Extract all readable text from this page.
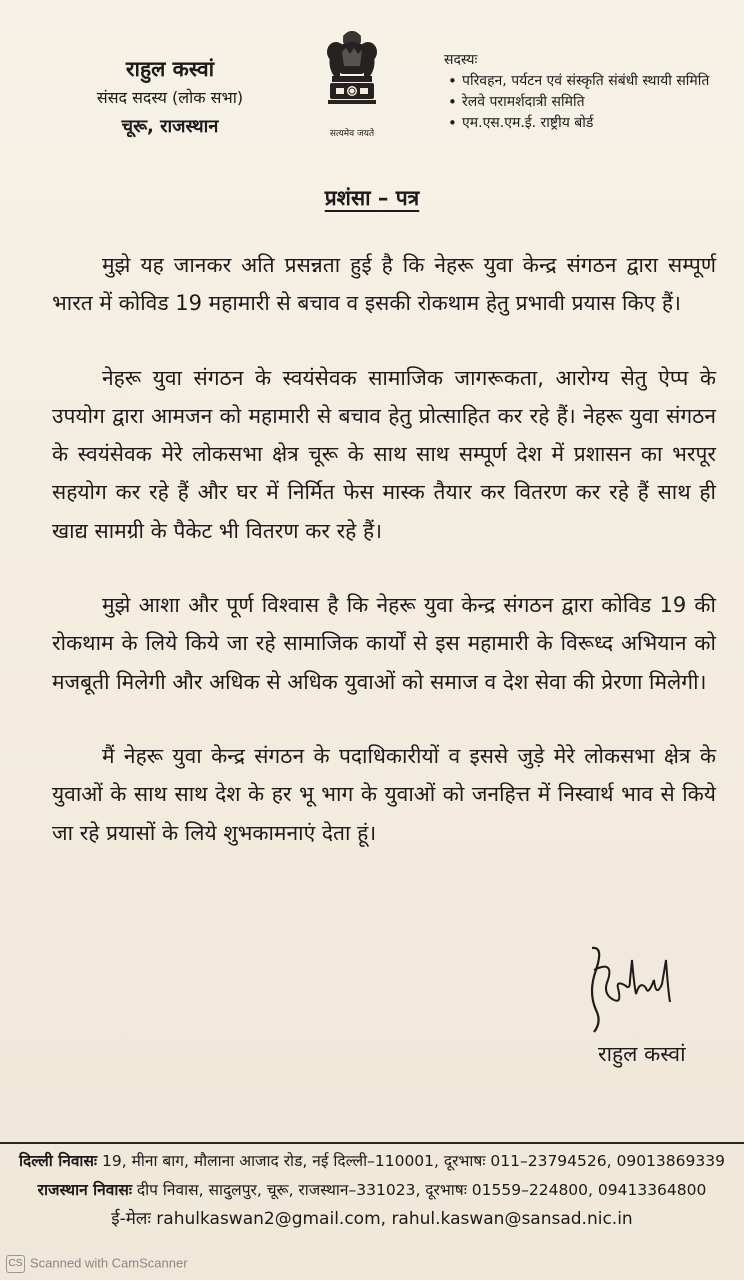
राहुल कस्वां
संसद सदस्य (लोक सभा)
चूरू, राजस्थान	सत्यमेव जयते
सदस्यः
• परिवहन, पर्यटन एवं संस्कृति संबंधी स्थायी समिति
• रेलवे परामर्शदात्री समिति
• एम.एस.एम.ई. राष्ट्रीय बोर्ड
प्रशंसा – पत्र

मुझे यह जानकर अति प्रसन्नता हुई है कि नेहरू युवा केन्द्र संगठन द्वारा सम्पूर्ण भारत में कोविड 19 महामारी से बचाव व इसकी रोकथाम हेतु प्रभावी प्रयास किए हैं।

नेहरू युवा संगठन के स्वयंसेवक सामाजिक जागरूकता, आरोग्य सेतु ऐप्प के उपयोग द्वारा आमजन को महामारी से बचाव हेतु प्रोत्साहित कर रहे हैं। नेहरू युवा संगठन के स्वयंसेवक मेरे लोकसभा क्षेत्र चूरू के साथ साथ सम्पूर्ण देश में प्रशासन का भरपूर सहयोग कर रहे हैं और घर में निर्मित फेस मास्क तैयार कर वितरण कर रहे हैं साथ ही खाद्य सामग्री के पैकेट भी वितरण कर रहे हैं।

मुझे आशा और पूर्ण विश्वास है कि नेहरू युवा केन्द्र संगठन द्वारा कोविड 19 की रोकथाम के लिये किये जा रहे सामाजिक कार्यों से इस महामारी के विरूध्द अभियान को मजबूती मिलेगी और अधिक से अधिक युवाओं को समाज व देश सेवा की प्रेरणा मिलेगी।

मैं नेहरू युवा केन्द्र संगठन के पदाधिकारीयों व इससे जुड़े मेरे लोकसभा क्षेत्र के युवाओं के साथ साथ देश के हर भू भाग के युवाओं को जनहित्त में निस्वार्थ भाव से किये जा रहे प्रयासों के लिये शुभकामनाएं देता हूं।

राहुल कस्वां
दिल्ली निवासः 19, मीना बाग, मौलाना आजाद रोड, नई दिल्ली–110001, दूरभाषः 011–23794526, 09013869339
राजस्थान निवासः दीप निवास, सादुलपुर, चूरू, राजस्थान–331023, दूरभाषः 01559–224800, 09413364800
ई-मेलः rahulkaswan2@gmail.com, rahul.kaswan@sansad.nic.in
CS Scanned with CamScanner
